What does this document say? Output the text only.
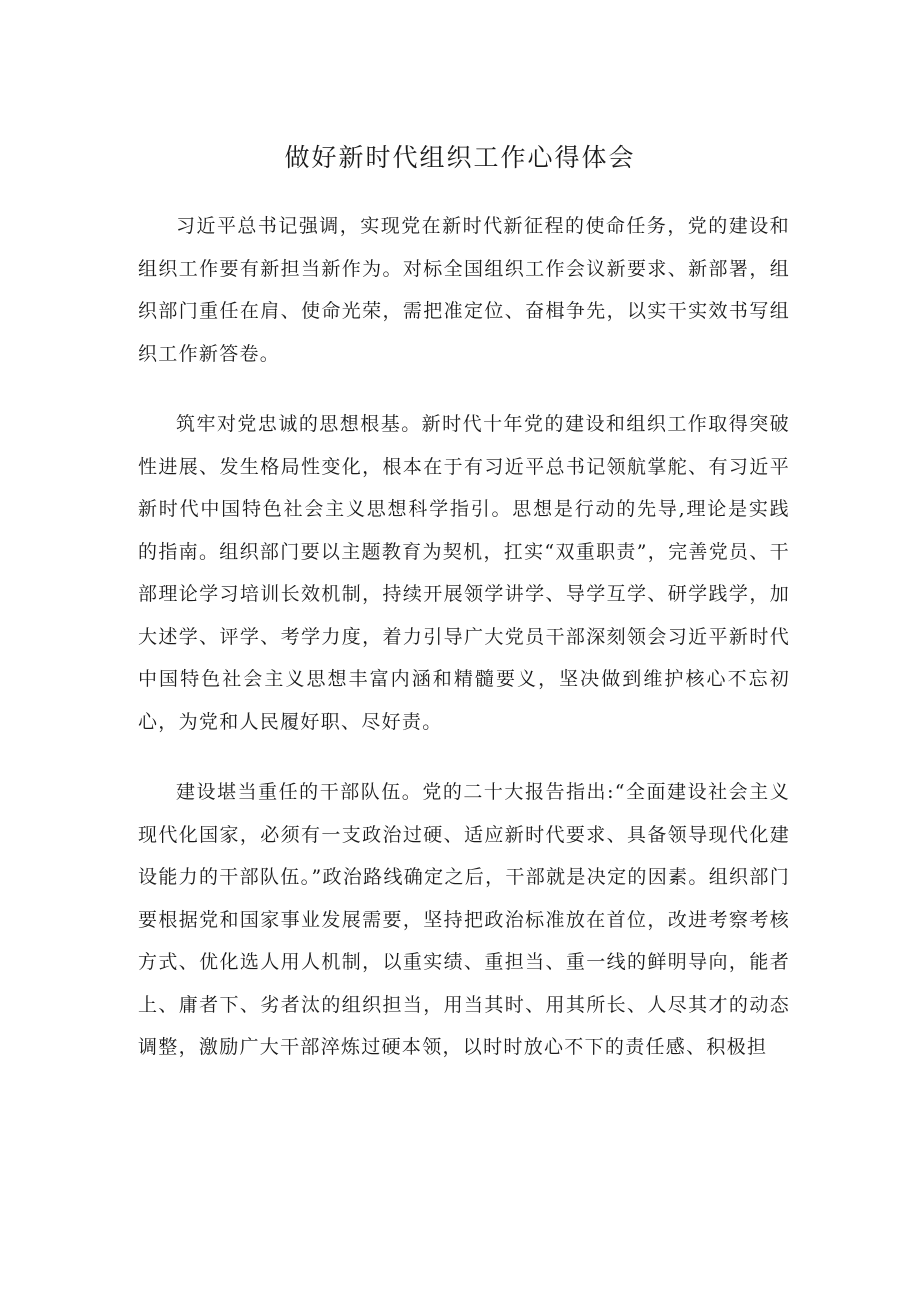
做好新时代组织工作心得体会

习近平总书记强调，实现党在新时代新征程的使命任务，党的建设和组织工作要有新担当新作为。对标全国组织工作会议新要求、新部署，组织部门重任在肩、使命光荣，需把准定位、奋楫争先，以实干实效书写组织工作新答卷。

筑牢对党忠诚的思想根基。新时代十年党的建设和组织工作取得突破性进展、发生格局性变化，根本在于有习近平总书记领航掌舵、有习近平新时代中国特色社会主义思想科学指引。思想是行动的先导,理论是实践的指南。组织部门要以主题教育为契机，扛实“双重职责”，完善党员、干部理论学习培训长效机制，持续开展领学讲学、导学互学、研学践学，加大述学、评学、考学力度，着力引导广大党员干部深刻领会习近平新时代中国特色社会主义思想丰富内涵和精髓要义，坚决做到维护核心不忘初心，为党和人民履好职、尽好责。

建设堪当重任的干部队伍。党的二十大报告指出:“全面建设社会主义现代化国家，必须有一支政治过硬、适应新时代要求、具备领导现代化建设能力的干部队伍。”政治路线确定之后，干部就是决定的因素。组织部门要根据党和国家事业发展需要，坚持把政治标准放在首位，改进考察考核方式、优化选人用人机制，以重实绩、重担当、重一线的鲜明导向，能者上、庸者下、劣者汰的组织担当，用当其时、用其所长、人尽其才的动态调整，激励广大干部淬炼过硬本领，以时时放心不下的责任感、积极担
